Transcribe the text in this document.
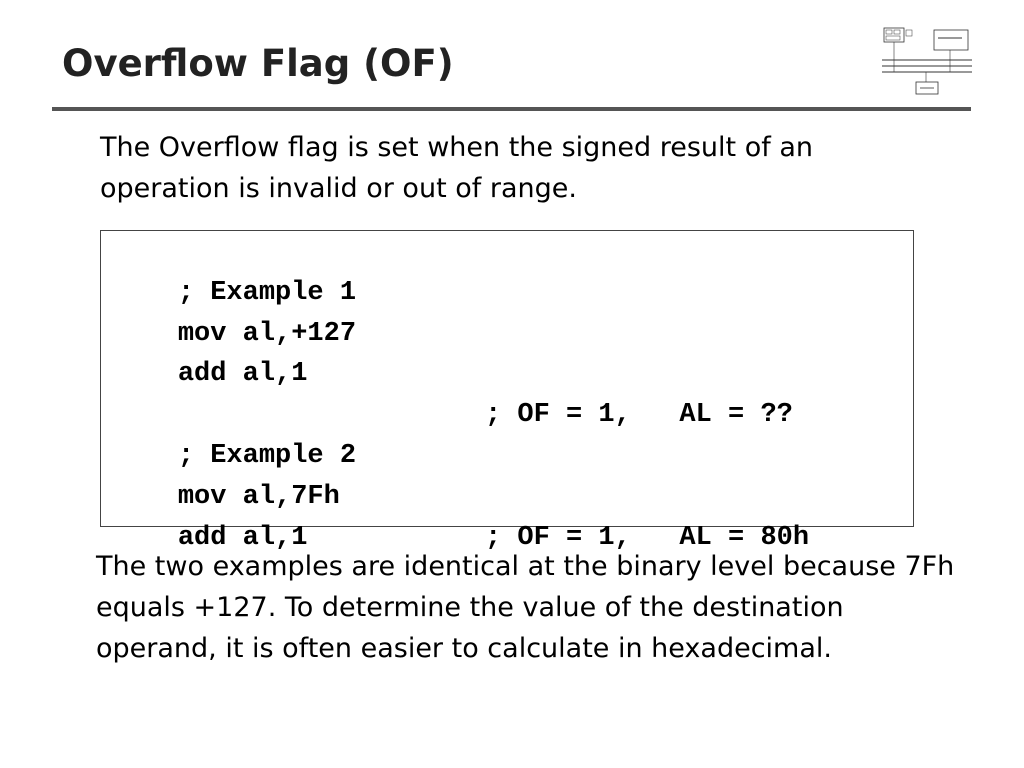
Overflow Flag (OF)

The Overflow flag is set when the signed result of an operation is invalid or out of range.

; Example 1

mov al,+127

add al,1

; OF = 1,   AL = ??

; Example 2

mov al,7Fh

; OF = 1,   AL = 80h

add al,1

The two examples are identical at the binary level because 7Fh equals +127. To determine the value of the destination operand, it is often easier to calculate in hexadecimal.
